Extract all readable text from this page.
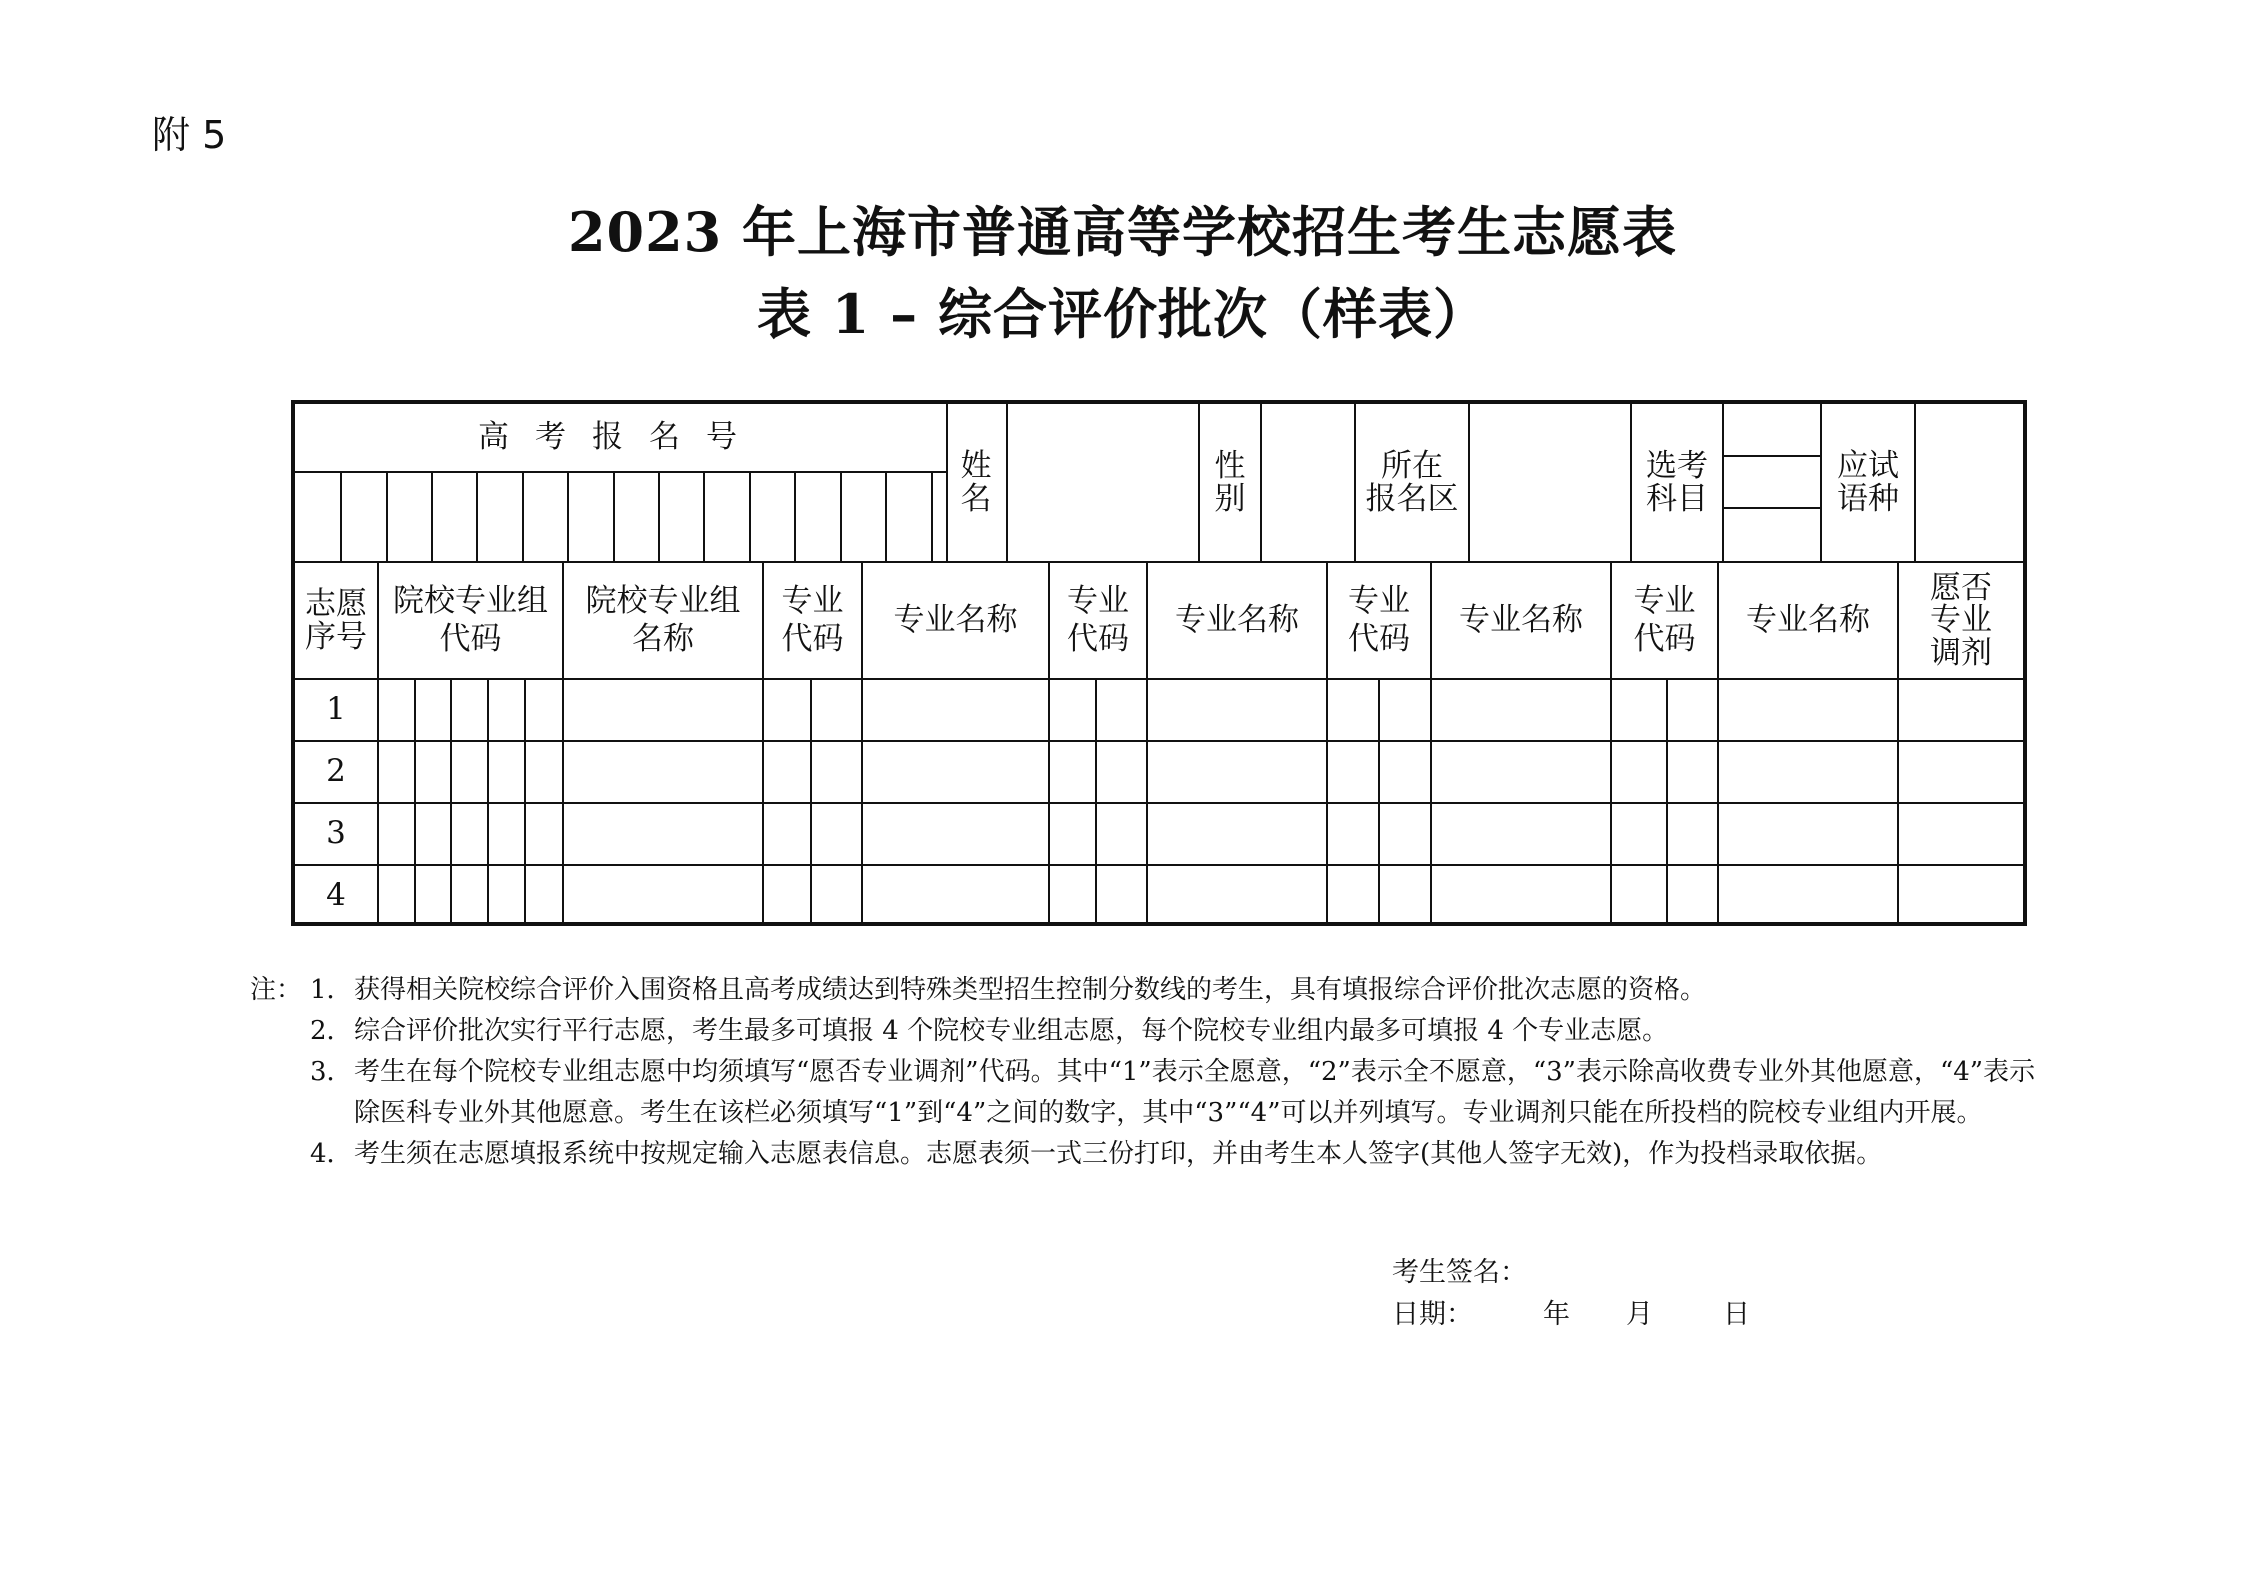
附 5
2023 年上海市普通高等学校招生考生志愿表
表 1 – 综合评价批次（样表）
高考报名号
姓
名
性
别
所在
报名区
选考
科目
应试
语种
志愿
序号
院校专业组
代码
院校专业组
名称
专业
代码
专业名称
专业
代码
专业名称
专业
代码
专业名称
专业
代码
专业名称
愿否
专业
调剂
1
2
3
4
注： 1． 获得相关院校综合评价入围资格且高考成绩达到特殊类型招生控制分数线的考生，具有填报综合评价批次志愿的资格。
2． 综合评价批次实行平行志愿，考生最多可填报 4 个院校专业组志愿，每个院校专业组内最多可填报 4 个专业志愿。
3． 考生在每个院校专业组志愿中均须填写“愿否专业调剂”代码。其中“1”表示全愿意，“2”表示全不愿意，“3”表示除高收费专业外其他愿意，“4”表示除医科专业外其他愿意。考生在该栏必须填写“1”到“4”之间的数字，其中“3”“4”可以并列填写。专业调剂只能在所投档的院校专业组内开展。
4． 考生须在志愿填报系统中按规定输入志愿表信息。志愿表须一式三份打印，并由考生本人签字(其他人签字无效)，作为投档录取依据。
考生签名：
日期：	年 月	日
